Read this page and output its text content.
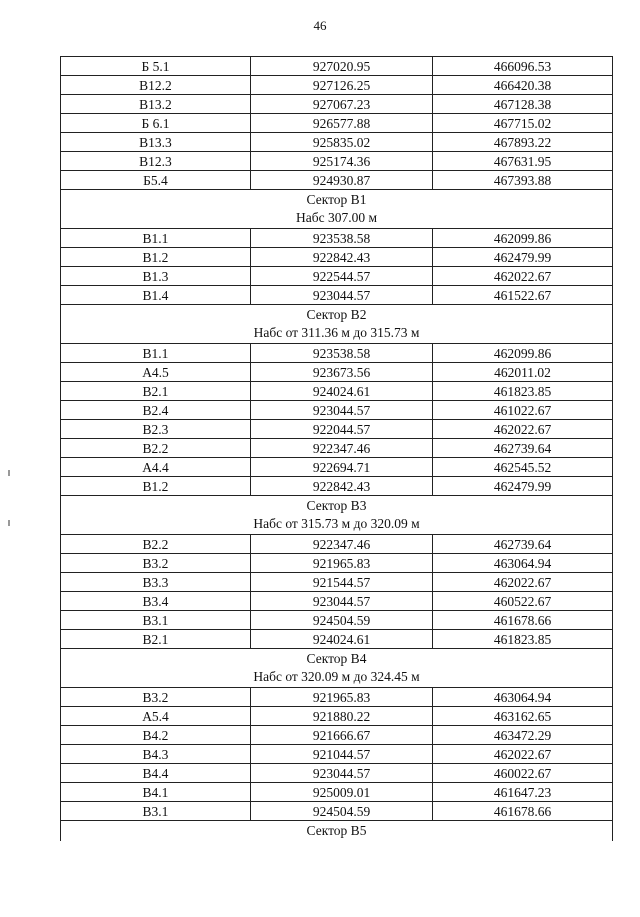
46
Б 5.1	927020.95	466096.53
В12.2	927126.25	466420.38
В13.2	927067.23	467128.38
Б 6.1	926577.88	467715.02
В13.3	925835.02	467893.22
В12.3	925174.36	467631.95
Б5.4	924930.87	467393.88

Сектор В1
Набс 307.00 м		

В1.1	923538.58	462099.86
В1.2	922842.43	462479.99
В1.3	922544.57	462022.67
В1.4	923044.57	461522.67

Сектор В2
Набс от 311.36 м до 315.73 м		

В1.1	923538.58	462099.86
А4.5	923673.56	462011.02
В2.1	924024.61	461823.85
В2.4	923044.57	461022.67
В2.3	922044.57	462022.67
В2.2	922347.46	462739.64
А4.4	922694.71	462545.52
В1.2	922842.43	462479.99

Сектор В3
Набс от 315.73 м до 320.09 м		

В2.2	922347.46	462739.64
В3.2	921965.83	463064.94
В3.3	921544.57	462022.67
В3.4	923044.57	460522.67
В3.1	924504.59	461678.66
В2.1	924024.61	461823.85

Сектор В4
Набс от 320.09 м до 324.45 м		

В3.2	921965.83	463064.94
А5.4	921880.22	463162.65
В4.2	921666.67	463472.29
В4.3	921044.57	462022.67
В4.4	923044.57	460022.67
В4.1	925009.01	461647.23
В3.1	924504.59	461678.66

Сектор В5		
